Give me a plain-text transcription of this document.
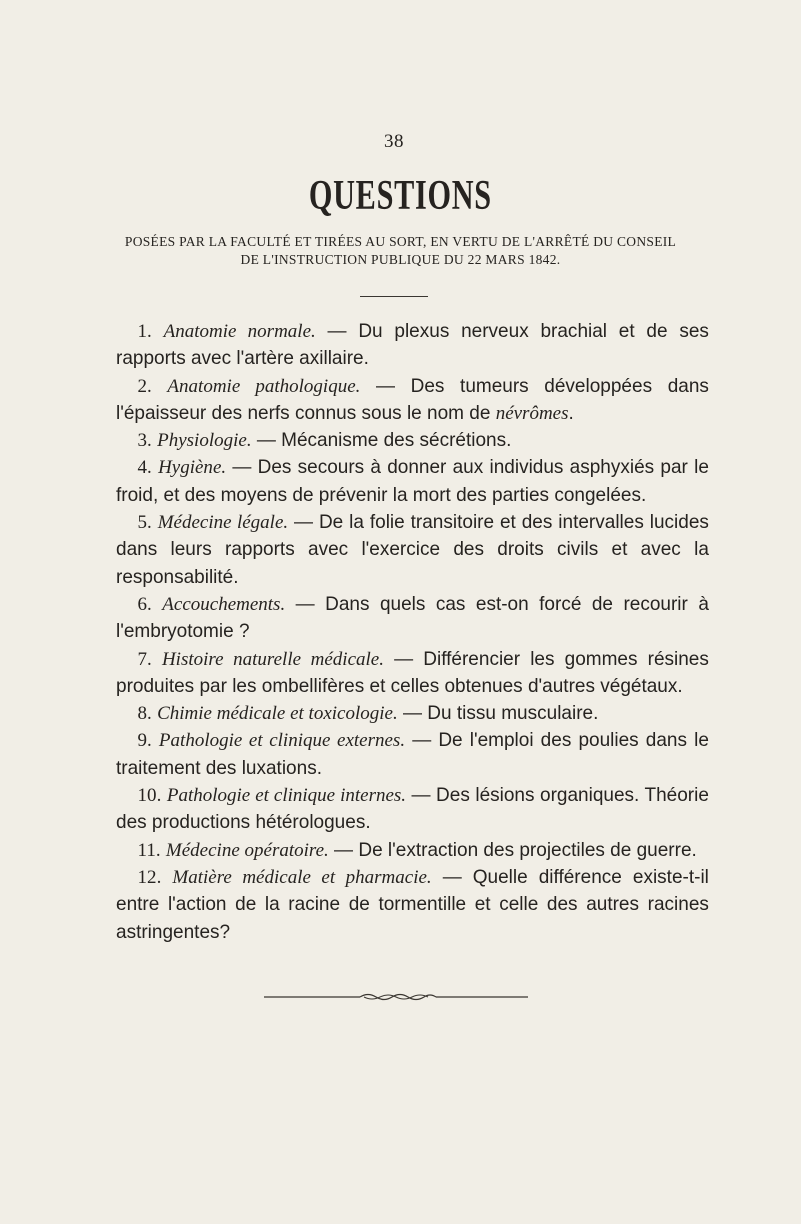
38
QUESTIONS
POSÉES PAR LA FACULTÉ ET TIRÉES AU SORT, EN VERTU DE L'ARRÊTÉ DU CONSEIL
DE L'INSTRUCTION PUBLIQUE DU 22 MARS 1842.

1. Anatomie normale. — Du plexus nerveux brachial et de ses rapports avec l'artère axillaire.

2. Anatomie pathologique. — Des tumeurs développées dans l'épaisseur des nerfs connus sous le nom de névrômes.

3. Physiologie. — Mécanisme des sécrétions.

4. Hygiène. — Des secours à donner aux individus asphyxiés par le froid, et des moyens de prévenir la mort des parties congelées.

5. Médecine légale. — De la folie transitoire et des intervalles lucides dans leurs rapports avec l'exercice des droits civils et avec la responsabilité.

6. Accouchements. — Dans quels cas est-on forcé de recourir à l'embryotomie ?

7. Histoire naturelle médicale. — Différencier les gommes résines produites par les ombellifères et celles obtenues d'autres végétaux.

8. Chimie médicale et toxicologie. — Du tissu musculaire.

9. Pathologie et clinique externes. — De l'emploi des poulies dans le traitement des luxations.

10. Pathologie et clinique internes. — Des lésions organiques. Théorie des productions hétérologues.

11. Médecine opératoire. — De l'extraction des projectiles de guerre.

12. Matière médicale et pharmacie. — Quelle différence existe-t-il entre l'action de la racine de tormentille et celle des autres racines astringentes?
